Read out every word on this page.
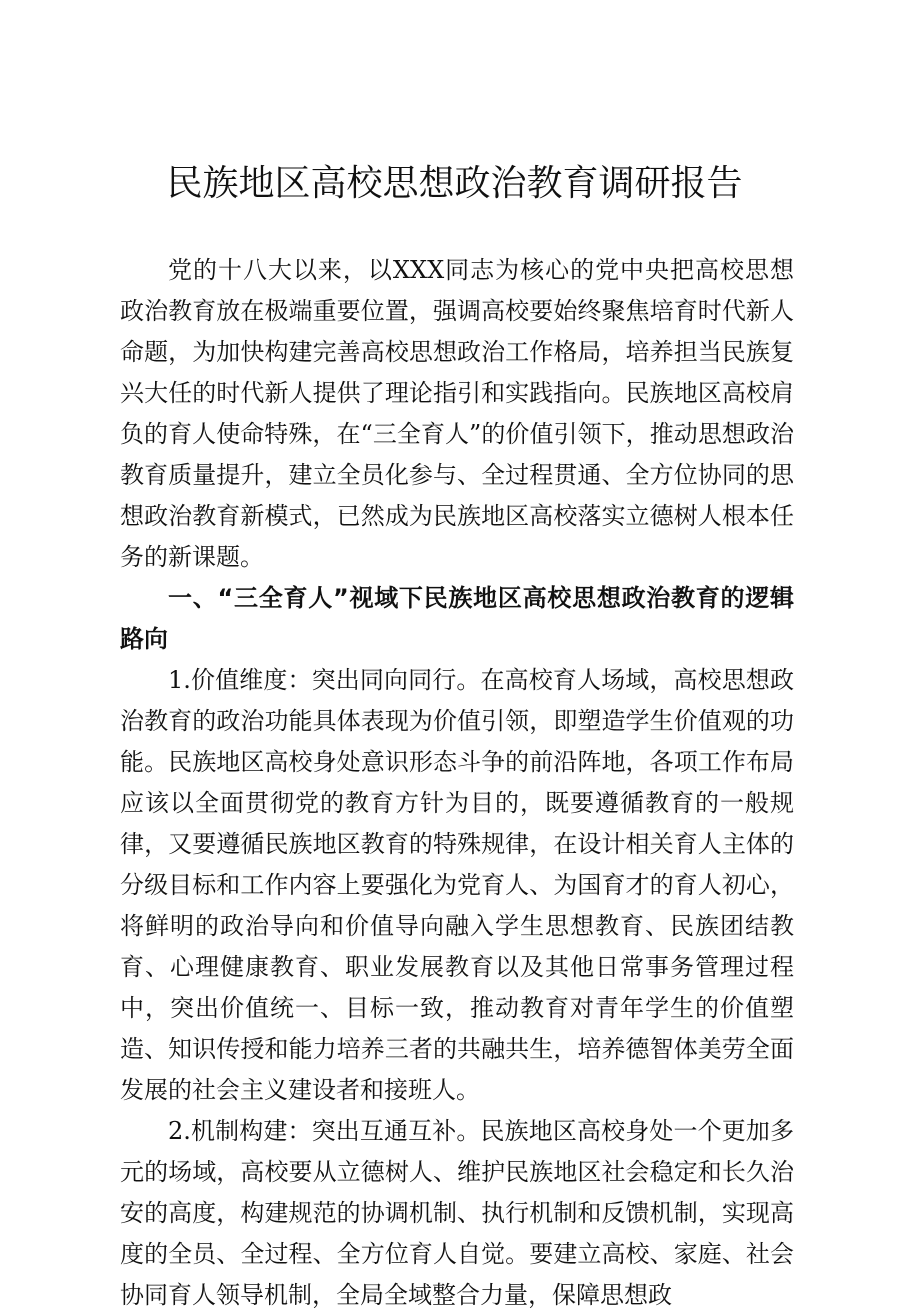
民族地区高校思想政治教育调研报告

党的十八大以来，以XXX同志为核心的党中央把高校思想政治教育放在极端重要位置，强调高校要始终聚焦培育时代新人命题，为加快构建完善高校思想政治工作格局，培养担当民族复兴大任的时代新人提供了理论指引和实践指向。民族地区高校肩负的育人使命特殊，在“三全育人”的价值引领下，推动思想政治教育质量提升，建立全员化参与、全过程贯通、全方位协同的思想政治教育新模式，已然成为民族地区高校落实立德树人根本任务的新课题。

一、“三全育人”视域下民族地区高校思想政治教育的逻辑路向

1.价值维度：突出同向同行。在高校育人场域，高校思想政治教育的政治功能具体表现为价值引领，即塑造学生价值观的功能。民族地区高校身处意识形态斗争的前沿阵地，各项工作布局应该以全面贯彻党的教育方针为目的，既要遵循教育的一般规律，又要遵循民族地区教育的特殊规律，在设计相关育人主体的分级目标和工作内容上要强化为党育人、为国育才的育人初心，将鲜明的政治导向和价值导向融入学生思想教育、民族团结教育、心理健康教育、职业发展教育以及其他日常事务管理过程中，突出价值统一、目标一致，推动教育对青年学生的价值塑造、知识传授和能力培养三者的共融共生，培养德智体美劳全面发展的社会主义建设者和接班人。

2.机制构建：突出互通互补。民族地区高校身处一个更加多元的场域，高校要从立德树人、维护民族地区社会稳定和长久治安的高度，构建规范的协调机制、执行机制和反馈机制，实现高度的全员、全过程、全方位育人自觉。要建立高校、家庭、社会协同育人领导机制，全局全域整合力量，保障思想政
